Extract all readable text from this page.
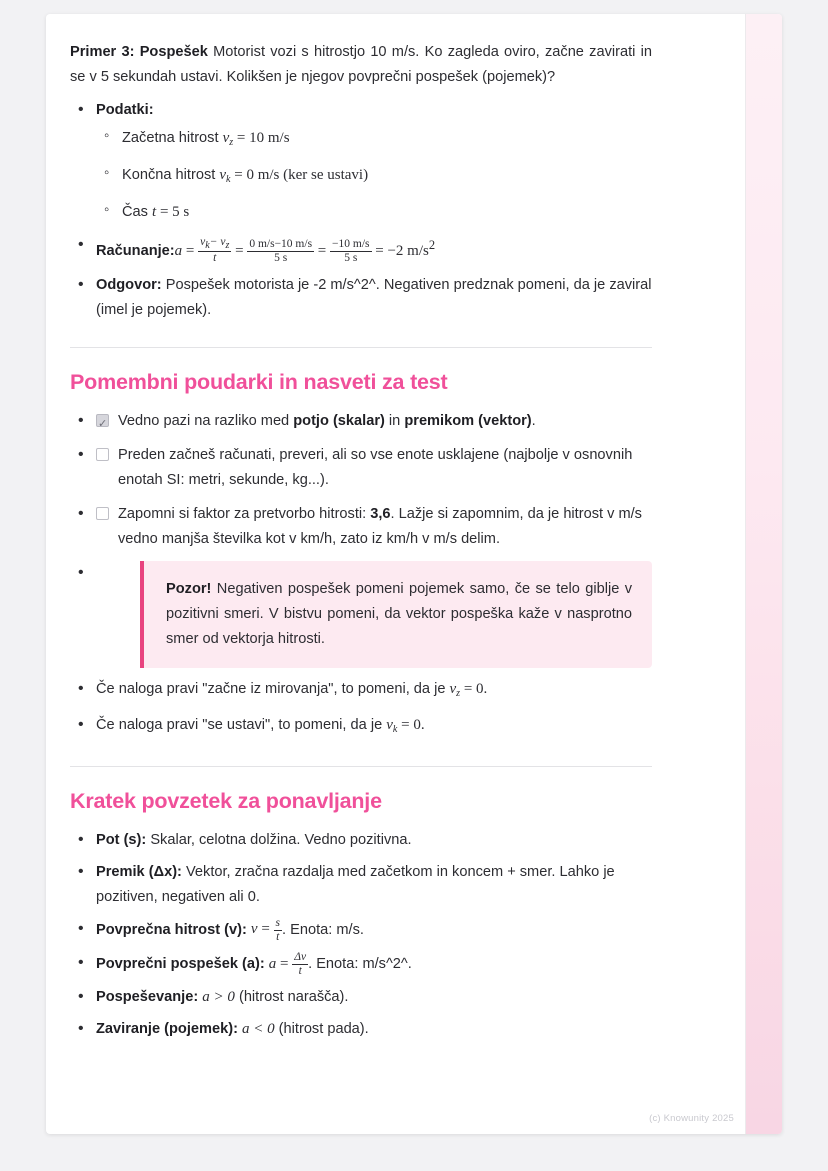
Primer 3: Pospešek Motorist vozi s hitrostjo 10 m/s. Ko zagleda oviro, začne zavirati in se v 5 sekundah ustavi. Kolikšen je njegov povprečni pospešek (pojemek)?

• Podatki:
◦ Začetna hitrost $v_z = 10$ m/s
◦ Končna hitrost $v_k = 0$ m/s (ker se ustavi)
◦ Čas t = 5 s
• Računanje:a = $\frac{vk- vz}{t} = \frac{0 m/s-10 m/s}{5 s} = \frac{-10 m/s}{5 s} = -2$ $m/s^2$
• Odgovor: Pospešek motorista je -2 m/s^2^. Negativen predznak pomeni, da je zaviral (imel je pojemek).
Pomembni poudarki in nasveti za test
✓
• Vedno pazi na razliko med potjo (skalar) in premikom (vektor).
• Preden začneš računati, preveri, ali so vse enote usklajene (najbolje v osnovnih enotah SI: metri, sekunde, kg...).
• Zapomni si faktor za pretvorbo hitrosti: 3,6. Lažje si zapomnim, da je hitrost v m/s vedno manjša številka kot v km/h, zato iz km/h v m/s delim.
• Pozor! Negativen pospešek pomeni pojemek samo, če se telo giblje v pozitivni smeri. V bistvu pomeni, da vektor pospeška kaže v nasprotno smer od vektorja hitrosti.
• Če naloga pravi "začne iz mirovanja", to pomeni, da je $v_z = 0$.
• Če naloga pravi "se ustavi", to pomeni, da je $v_k = 0$.
Kratek povzetek za ponavljanje
• Pot (s): Skalar, celotna dolžina. Vedno pozitivna.
• Premik (Δx): Vektor, zračna razdalja med začetkom in koncem + smer. Lahko je pozitiven, negativen ali 0.
• Povprečna hitrost (v): $v = \frac{s}{t}$ . Enota: m/s.
• Povprečni pospešek (a): $a = \frac{\Delta v}{t}$ . Enota: m/s^2^.
• Pospeševanje: a > 0 (hitrost narašča).
• Zaviranje (pojemek): a < 0 (hitrost pada).
(c) Knowunity 2025
